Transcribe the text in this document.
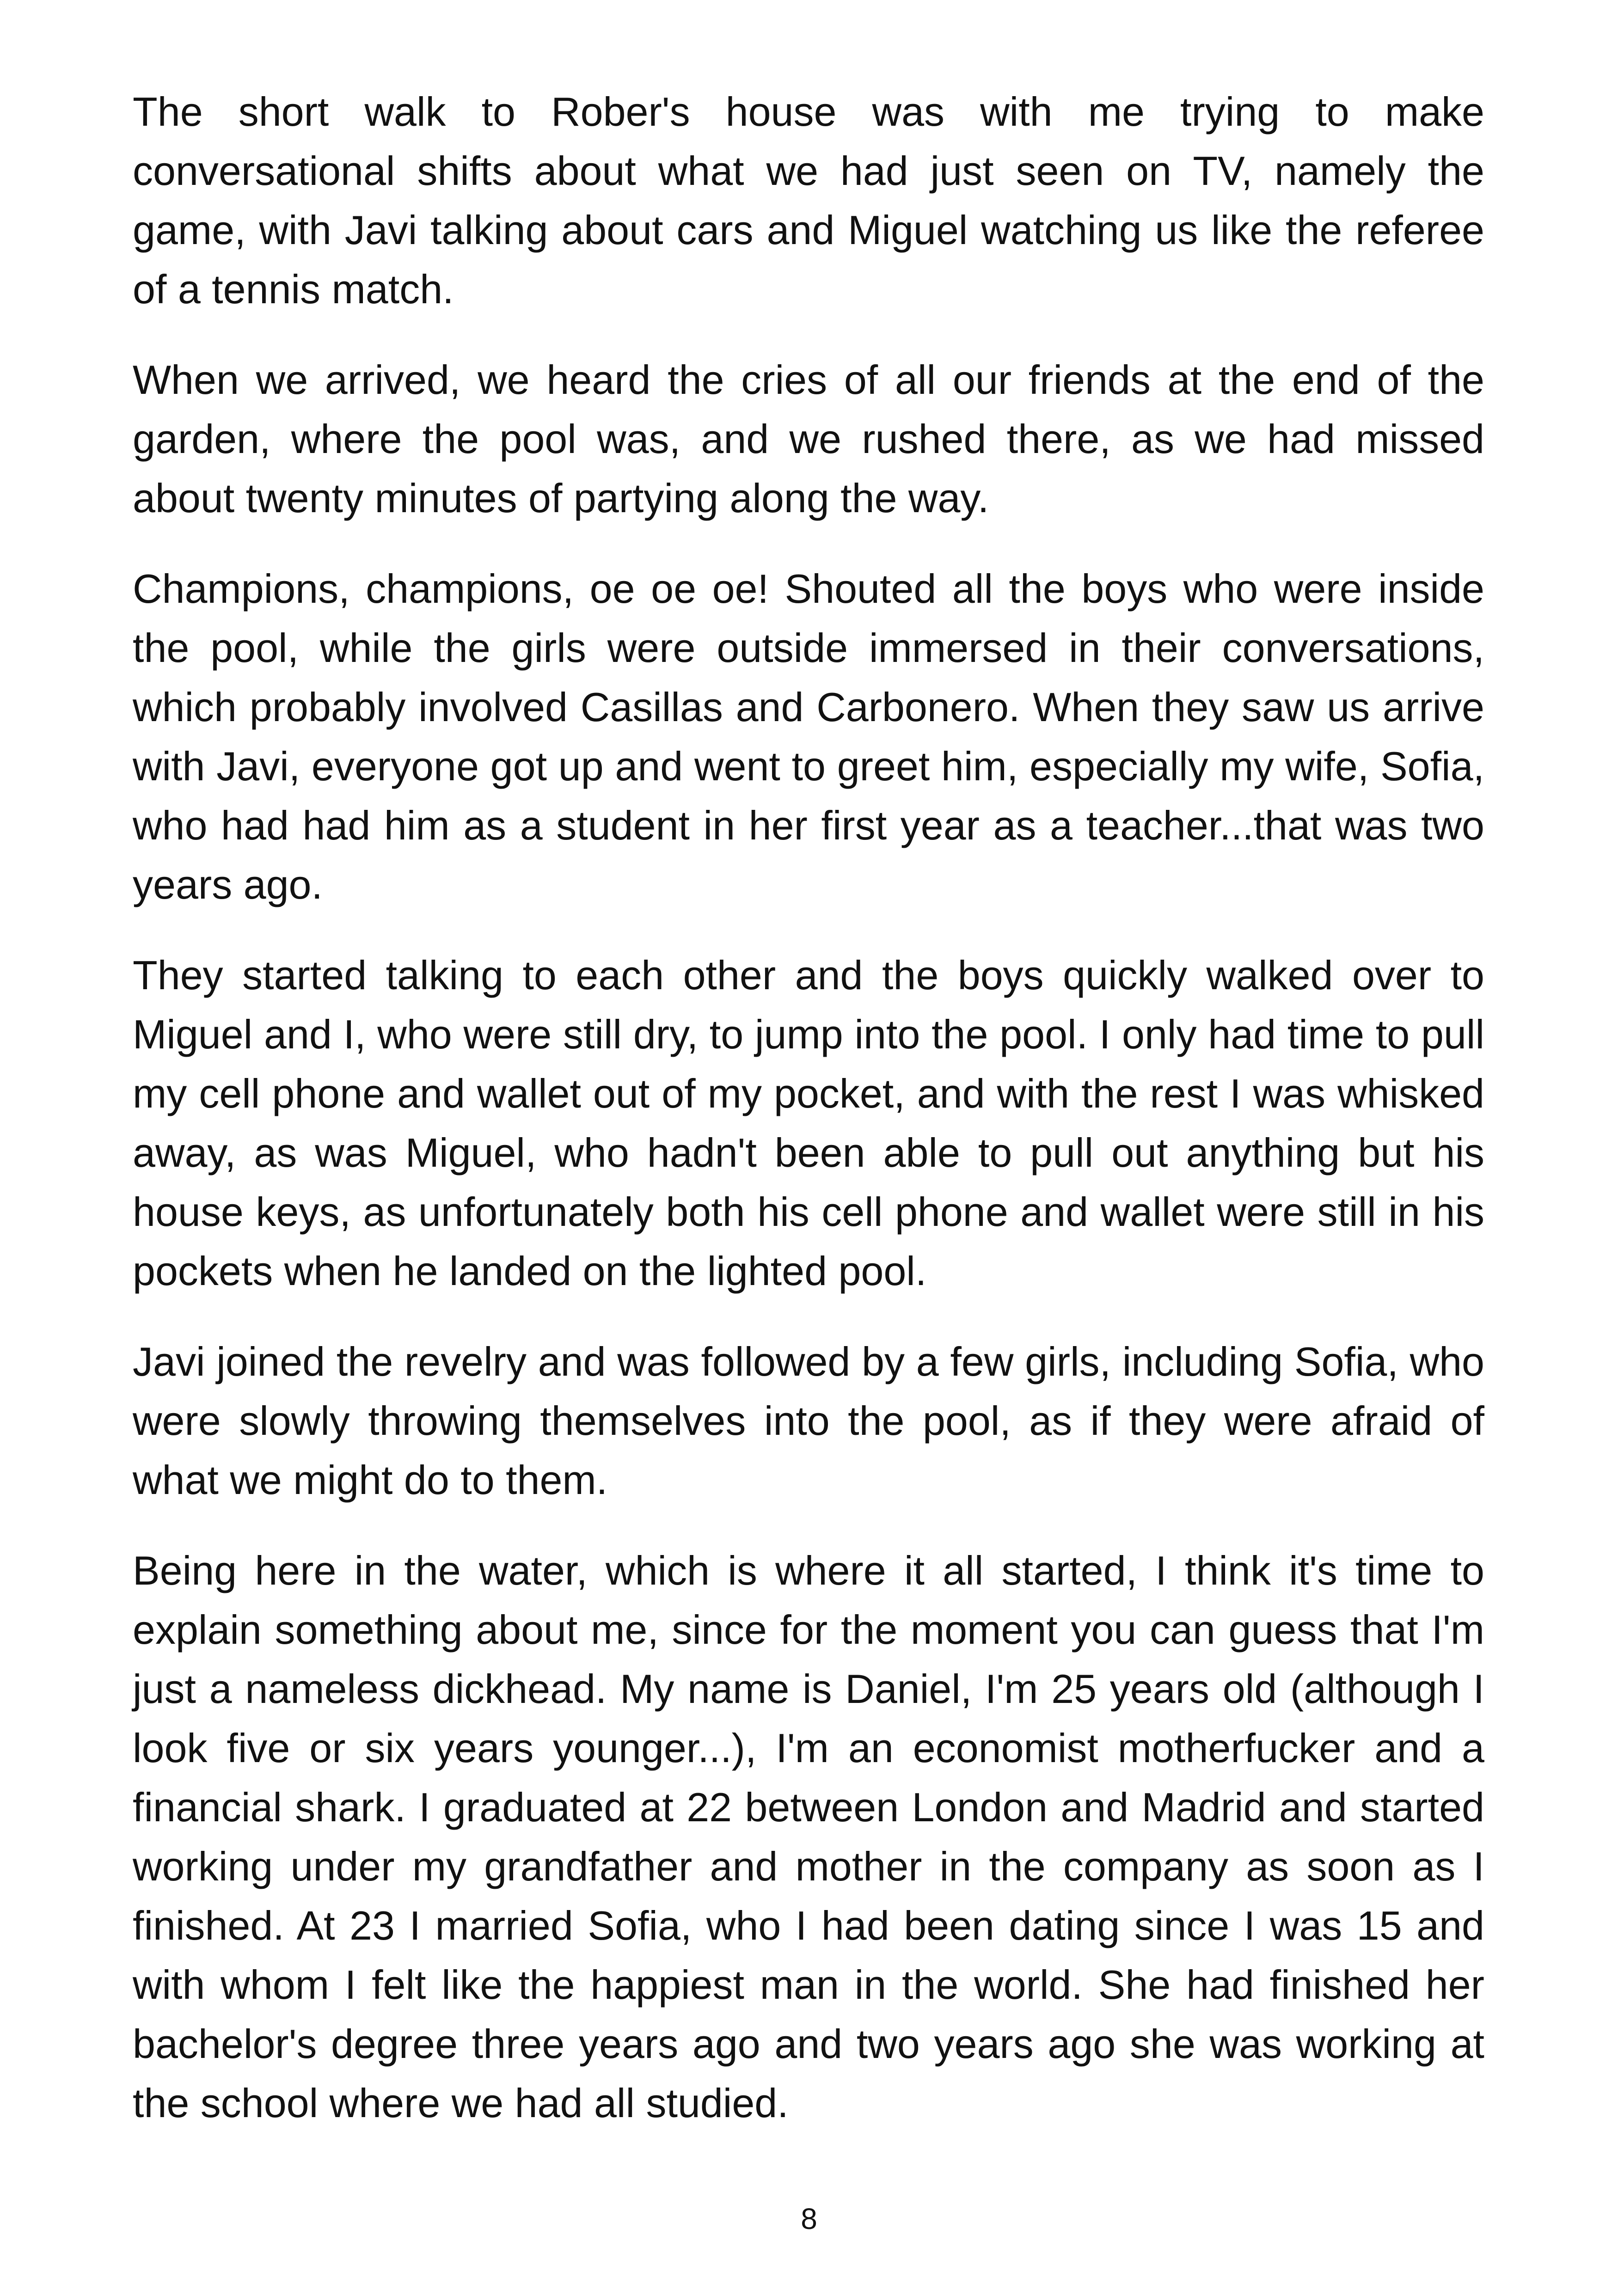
The short walk to Rober's house was with me trying to make conversational shifts about what we had just seen on TV, namely the game, with Javi talking about cars and Miguel watching us like the referee of a tennis match.

When we arrived, we heard the cries of all our friends at the end of the garden, where the pool was, and we rushed there, as we had missed about twenty minutes of partying along the way.

Champions, champions, oe oe oe! Shouted all the boys who were inside the pool, while the girls were outside immersed in their conversations, which probably involved Casillas and Carbonero. When they saw us arrive with Javi, everyone got up and went to greet him, especially my wife, Sofia, who had had him as a student in her first year as a teacher...that was two years ago.

They started talking to each other and the boys quickly walked over to Miguel and I, who were still dry, to jump into the pool. I only had time to pull my cell phone and wallet out of my pocket, and with the rest I was whisked away, as was Miguel, who hadn't been able to pull out anything but his house keys, as unfortunately both his cell phone and wallet were still in his pockets when he landed on the lighted pool.

Javi joined the revelry and was followed by a few girls, including Sofia, who were slowly throwing themselves into the pool, as if they were afraid of what we might do to them.

Being here in the water, which is where it all started, I think it's time to explain something about me, since for the moment you can guess that I'm just a nameless dickhead. My name is Daniel, I'm 25 years old (although I look five or six years younger...), I'm an economist motherfucker and a financial shark. I graduated at 22 between London and Madrid and started working under my grandfather and mother in the company as soon as I finished. At 23 I married Sofia, who I had been dating since I was 15 and with whom I felt like the happiest man in the world. She had finished her bachelor's degree three years ago and two years ago she was working at the school where we had all studied.

8
